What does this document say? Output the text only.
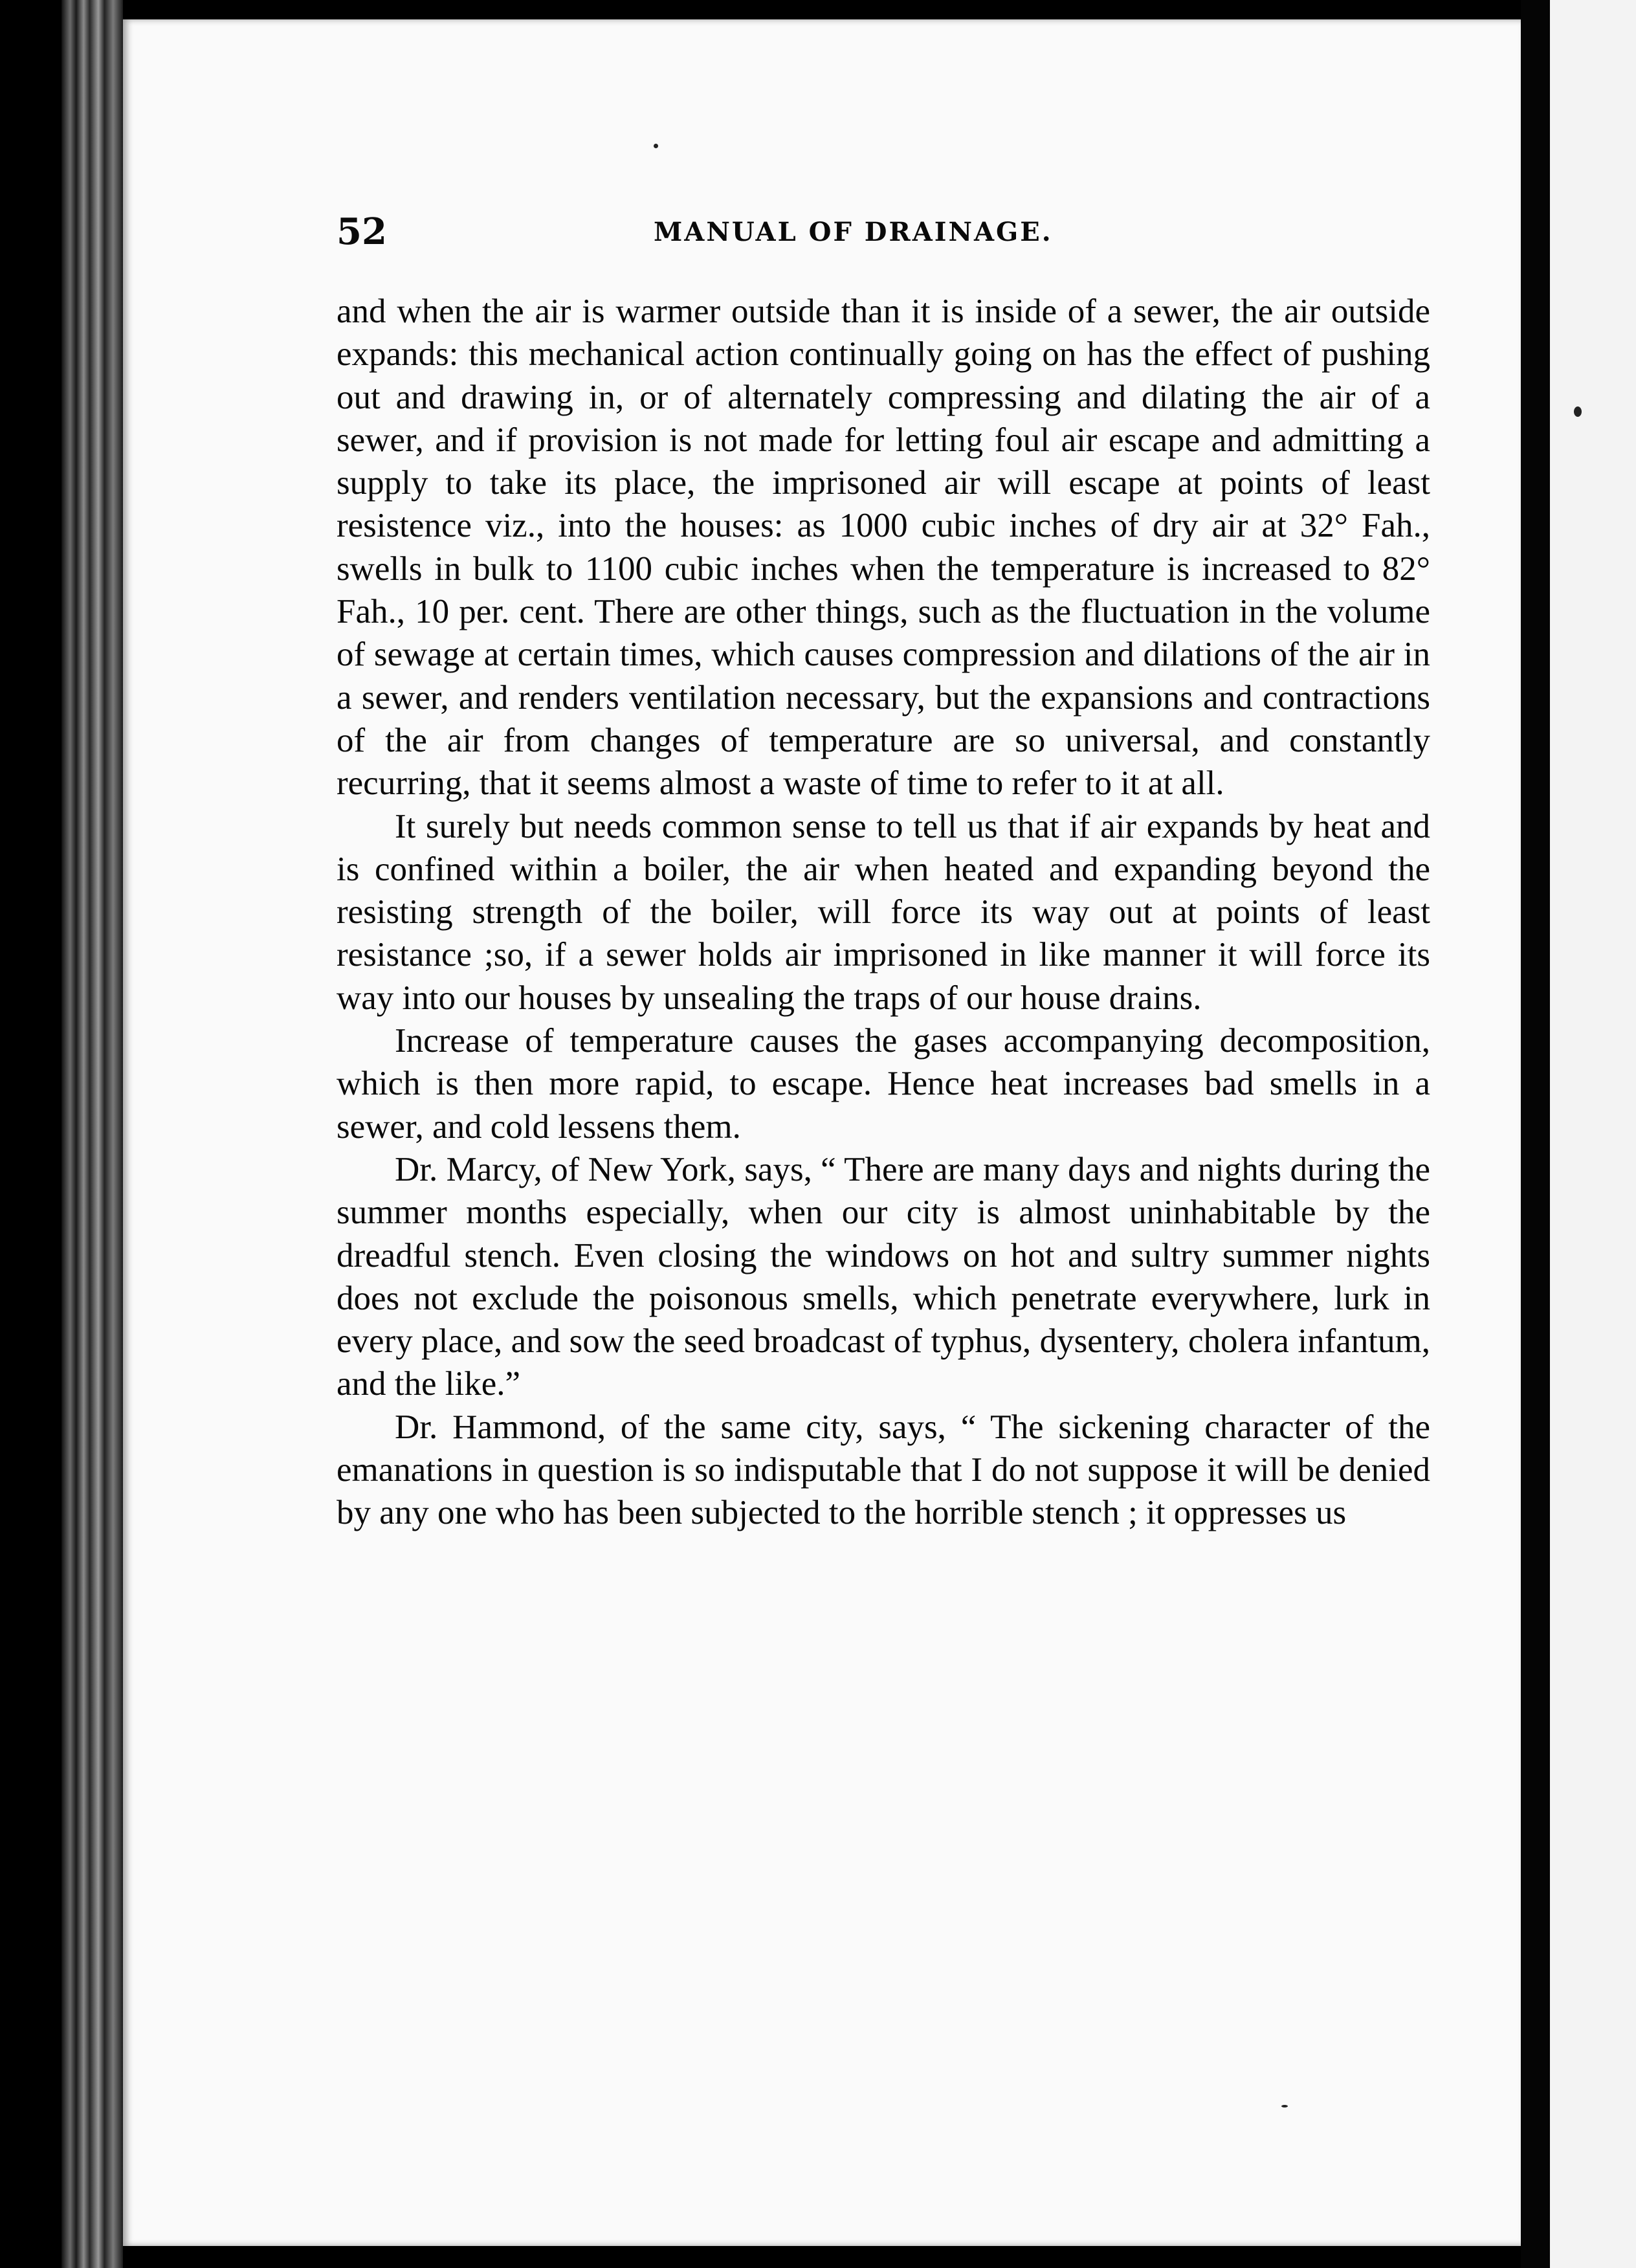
52	MANUAL OF DRAINAGE.

and when the air is warmer outside than it is inside of a sewer, the air outside expands: this mechanical action continually going on has the effect of pushing out and drawing in, or of alternately compressing and dilating the air of a sewer, and if provision is not made for letting foul air escape and admitting a supply to take its place, the imprisoned air will escape at points of least resistence viz., into the houses: as 1000 cubic inches of dry air at 32° Fah., swells in bulk to 1100 cubic inches when the temperature is increased to 82° Fah., 10 per. cent. There are other things, such as the fluctuation in the volume of sewage at certain times, which causes compression and dilations of the air in a sewer, and renders ventilation necessary, but the expansions and contractions of the air from changes of temperature are so universal, and constantly recurring, that it seems almost a waste of time to refer to it at all.

It surely but needs common sense to tell us that if air expands by heat and is confined within a boiler, the air when heated and expanding beyond the resisting strength of the boiler, will force its way out at points of least resistance ;so, if a sewer holds air imprisoned in like manner it will force its way into our houses by unsealing the traps of our house drains.

Increase of temperature causes the gases accompanying decomposition, which is then more rapid, to escape. Hence heat increases bad smells in a sewer, and cold lessens them.

Dr. Marcy, of New York, says, “ There are many days and nights during the summer months especially, when our city is almost uninhabitable by the dreadful stench. Even closing the windows on hot and sultry summer nights does not exclude the poisonous smells, which penetrate everywhere, lurk in every place, and sow the seed broadcast of typhus, dysentery, cholera infantum, and the like.”

Dr. Hammond, of the same city, says, “ The sickening character of the emanations in question is so indisputable that I do not suppose it will be denied by any one who has been subjected to the horrible stench ; it oppresses us
